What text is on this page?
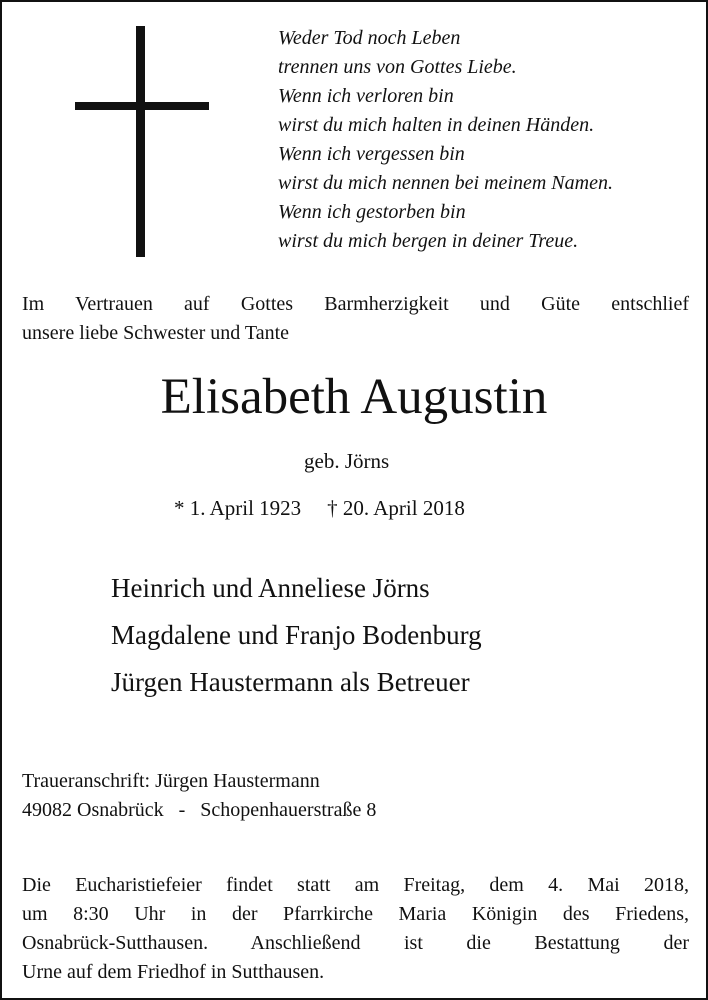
Weder Tod noch Leben
trennen uns von Gottes Liebe.
Wenn ich verloren bin
wirst du mich halten in deinen Händen.
Wenn ich vergessen bin
wirst du mich nennen bei meinem Namen.
Wenn ich gestorben bin
wirst du mich bergen in deiner Treue.
Im Vertrauen auf Gottes Barmherzigkeit und Güte entschlief
unsere liebe Schwester und Tante
Elisabeth Augustin
geb. Jörns
* 1. April 1923 † 20. April 2018
Heinrich und Anneliese Jörns
Magdalene und Franjo Bodenburg
Jürgen Haustermann als Betreuer
Traueranschrift: Jürgen Haustermann
49082 Osnabrück   -   Schopenhauerstraße 8
Die Eucharistiefeier findet statt am Freitag, dem 4. Mai 2018,
um 8:30 Uhr in der Pfarrkirche Maria Königin des Friedens,
Osnabrück-Sutthausen. Anschließend ist die Bestattung der
Urne auf dem Friedhof in Sutthausen.
